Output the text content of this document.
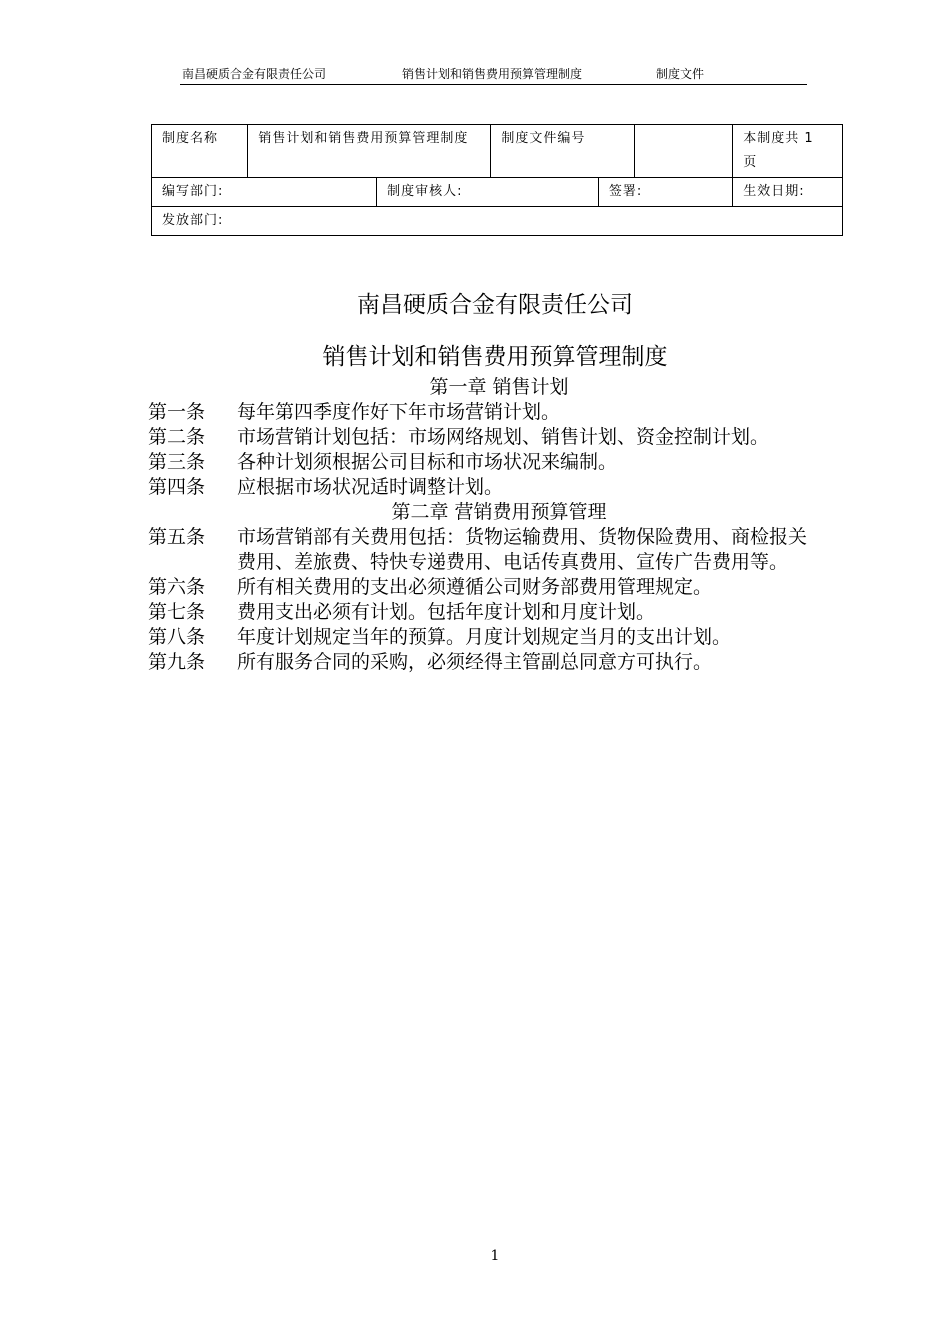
南昌硬质合金有限责任公司	销售计划和销售费用预算管理制度	制度文件
制度名称	销售计划和销售费用预算管理制度		制度文件编号			本制度共 1 页
编写部门:		制度审核人:		签署:		生效日期:
发放部门:						
南昌硬质合金有限责任公司
销售计划和销售费用预算管理制度
第一章 销售计划
第一条	每年第四季度作好下年市场营销计划。
第二条	市场营销计划包括：市场网络规划、销售计划、资金控制计划。
第三条	各种计划须根据公司目标和市场状况来编制。
第四条	应根据市场状况适时调整计划。
第二章 营销费用预算管理
第五条	市场营销部有关费用包括：货物运输费用、货物保险费用、商检报关费用、差旅费、特快专递费用、电话传真费用、宣传广告费用等。
第六条	所有相关费用的支出必须遵循公司财务部费用管理规定。
第七条	费用支出必须有计划。包括年度计划和月度计划。
第八条	年度计划规定当年的预算。月度计划规定当月的支出计划。
第九条	所有服务合同的采购，必须经得主管副总同意方可执行。
1
